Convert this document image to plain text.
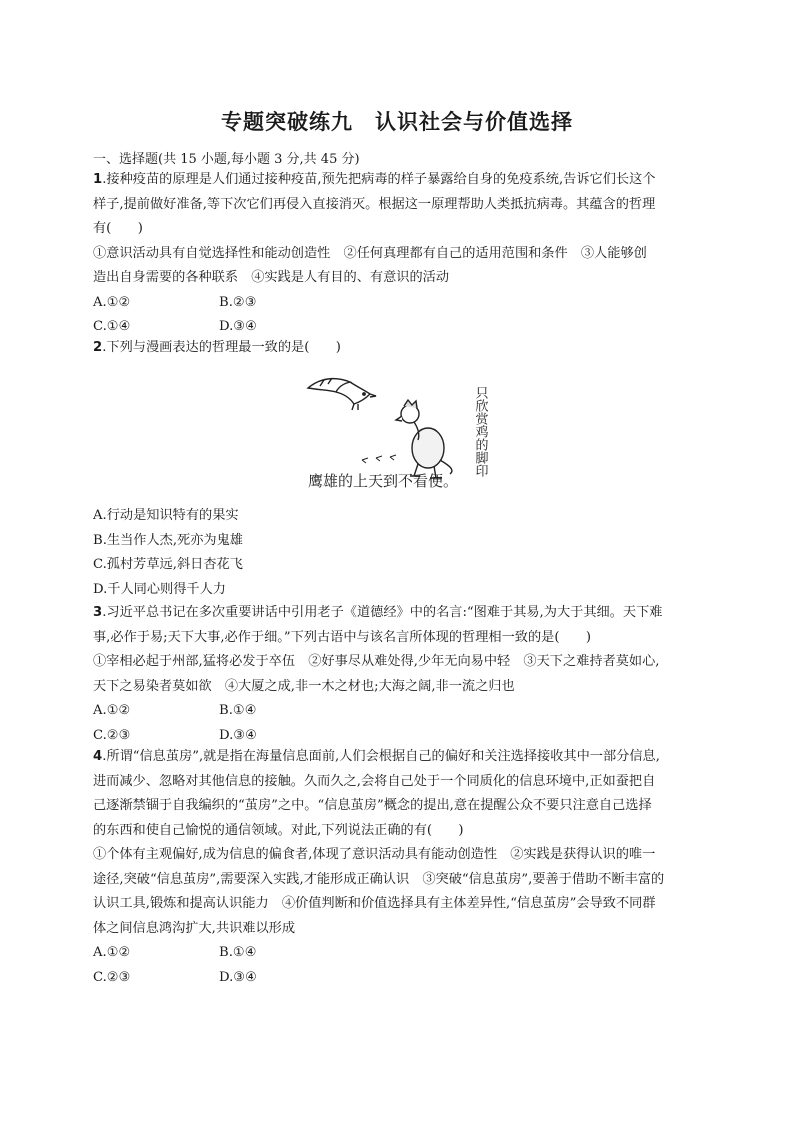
专题突破练九　认识社会与价值选择
一、选择题(共 15 小题,每小题 3 分,共 45 分)
1.接种疫苗的原理是人们通过接种疫苗,预先把病毒的样子暴露给自身的免疫系统,告诉它们长这个
样子,提前做好准备,等下次它们再侵入直接消灭。根据这一原理帮助人类抵抗病毒。其蕴含的哲理
有(　　)
①意识活动具有自觉选择性和能动创造性　②任何真理都有自己的适用范围和条件　③人能够创
造出自身需要的各种联系　④实践是人有目的、有意识的活动
A.①②	B.②③
C.①④	D.③④
2.下列与漫画表达的哲理最一致的是(　　)
只欣赏鸡的脚印
鹰雄的上天到不看便。
A.行动是知识特有的果实
B.生当作人杰,死亦为鬼雄
C.孤村芳草远,斜日杏花飞
D.千人同心则得千人力
3.习近平总书记在多次重要讲话中引用老子《道德经》中的名言:“图难于其易,为大于其细。天下难
事,必作于易;天下大事,必作于细。”下列古语中与该名言所体现的哲理相一致的是(　　)
①宰相必起于州部,猛将必发于卒伍　②好事尽从难处得,少年无向易中轻　③天下之难持者莫如心,
天下之易染者莫如欲　④大厦之成,非一木之材也;大海之阔,非一流之归也
A.①②	B.①④
C.②③	D.③④
4.所谓“信息茧房”,就是指在海量信息面前,人们会根据自己的偏好和关注选择接收其中一部分信息,
进而减少、忽略对其他信息的接触。久而久之,会将自己处于一个同质化的信息环境中,正如蚕把自
己逐渐禁锢于自我编织的“茧房”之中。“信息茧房”概念的提出,意在提醒公众不要只注意自己选择
的东西和使自己愉悦的通信领域。对此,下列说法正确的有(　　)
①个体有主观偏好,成为信息的偏食者,体现了意识活动具有能动创造性　②实践是获得认识的唯一
途径,突破“信息茧房”,需要深入实践,才能形成正确认识　③突破“信息茧房”,要善于借助不断丰富的
认识工具,锻炼和提高认识能力　④价值判断和价值选择具有主体差异性,“信息茧房”会导致不同群
体之间信息鸿沟扩大,共识难以形成
A.①②	B.①④
C.②③	D.③④
